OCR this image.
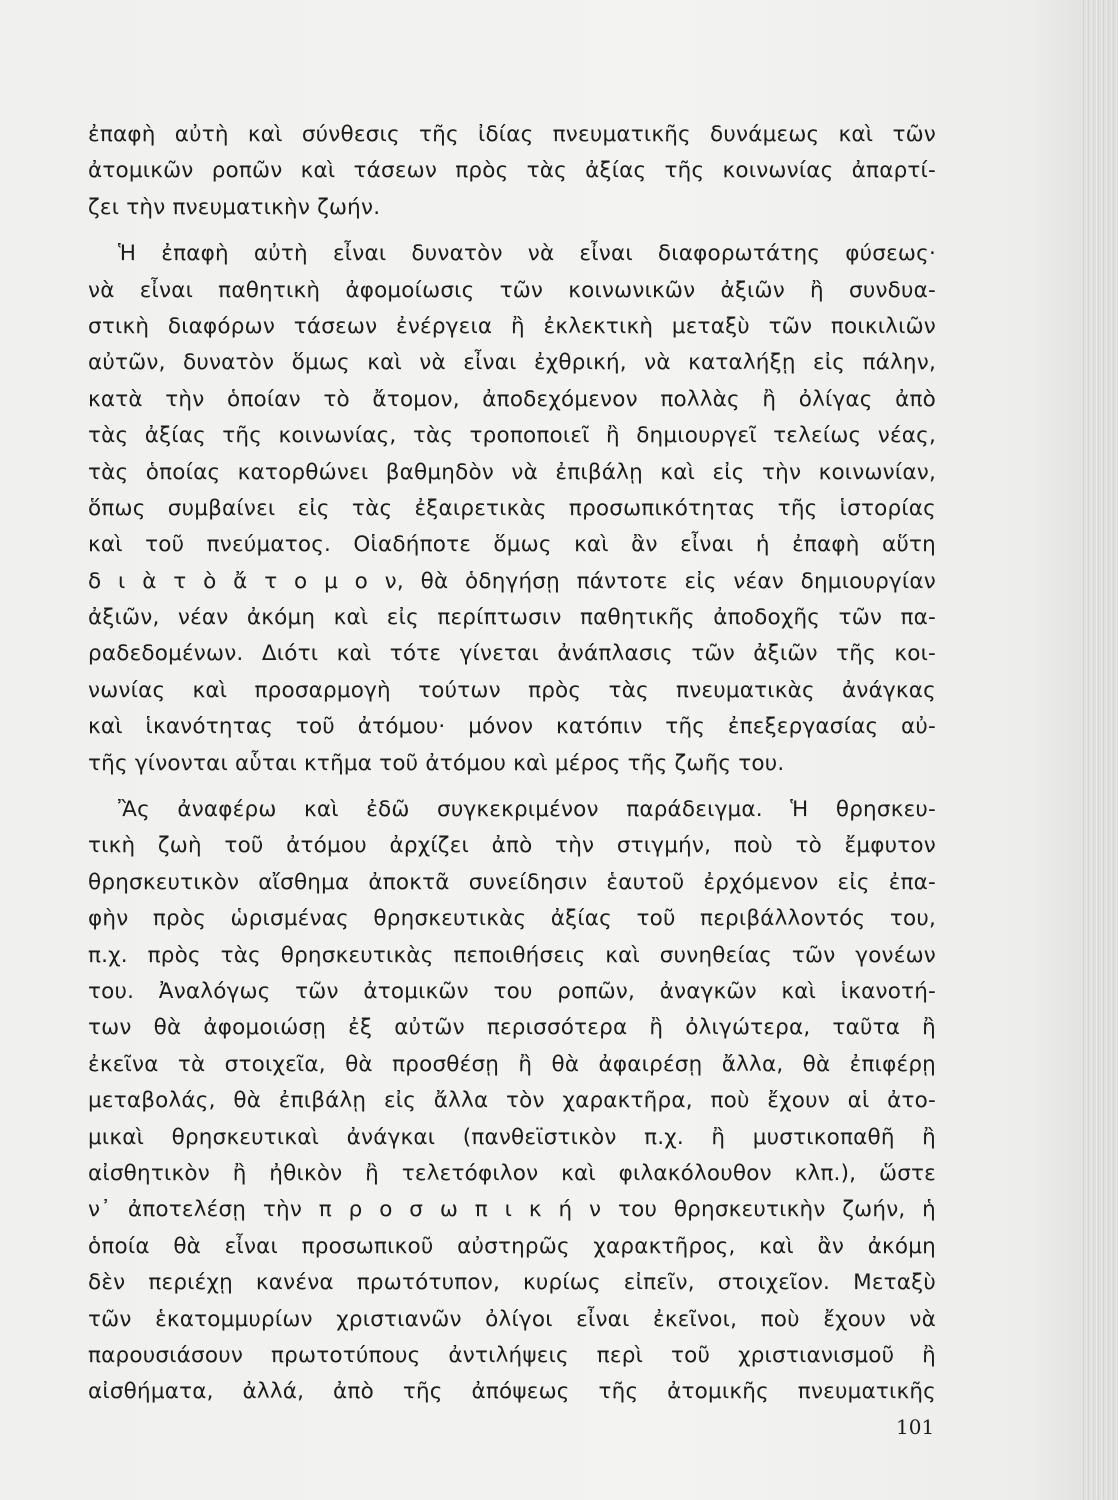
ἐπαφὴ αὐτὴ καὶ σύνθεσις τῆς ἰδίας πνευματικῆς δυνάμεως καὶ τῶν
ἀτομικῶν ροπῶν καὶ τάσεων πρὸς τὰς ἀξίας τῆς κοινωνίας ἀπαρτί-
ζει τὴν πνευματικὴν ζωήν.
Ἡ ἐπαφὴ αὐτὴ εἶναι δυνατὸν νὰ εἶναι διαφορωτάτης φύσεως·
νὰ εἶναι παθητικὴ ἀφομοίωσις τῶν κοινωνικῶν ἀξιῶν ἢ συνδυα-
στικὴ διαφόρων τάσεων ἐνέργεια ἢ ἐκλεκτικὴ μεταξὺ τῶν ποικιλιῶν
αὐτῶν, δυνατὸν ὅμως καὶ νὰ εἶναι ἐχθρική, νὰ καταλήξῃ εἰς πάλην,
κατὰ τὴν ὁποίαν τὸ ἄτομον, ἀποδεχόμενον πολλὰς ἢ ὀλίγας ἀπὸ
τὰς ἀξίας τῆς κοινωνίας, τὰς τροποποιεῖ ἢ δημιουργεῖ τελείως νέας,
τὰς ὁποίας κατορθώνει βαθμηδὸν νὰ ἐπιβάλῃ καὶ εἰς τὴν κοινωνίαν,
ὅπως συμβαίνει εἰς τὰς ἐξαιρετικὰς προσωπικότητας τῆς ἱστορίας
καὶ τοῦ πνεύματος. Οἱαδήποτε ὅμως καὶ ἂν εἶναι ἡ ἐπαφὴ αὕτη
δ ι ὰ τ ὸ ἄ τ ο μ ο ν, θὰ ὁδηγήσῃ πάντοτε εἰς νέαν δημιουργίαν
ἀξιῶν, νέαν ἀκόμη καὶ εἰς περίπτωσιν παθητικῆς ἀποδοχῆς τῶν πα-
ραδεδομένων. Διότι καὶ τότε γίνεται ἀνάπλασις τῶν ἀξιῶν τῆς κοι-
νωνίας καὶ προσαρμογὴ τούτων πρὸς τὰς πνευματικὰς ἀνάγκας
καὶ ἱκανότητας τοῦ ἀτόμου· μόνον κατόπιν τῆς ἐπεξεργασίας αὐ-
τῆς γίνονται αὗται κτῆμα τοῦ ἀτόμου καὶ μέρος τῆς ζωῆς του.
Ἂς ἀναφέρω καὶ ἐδῶ συγκεκριμένον παράδειγμα. Ἡ θρησκευ-
τικὴ ζωὴ τοῦ ἀτόμου ἀρχίζει ἀπὸ τὴν στιγμήν, ποὺ τὸ ἔμφυτον
θρησκευτικὸν αἴσθημα ἀποκτᾶ συνείδησιν ἑαυτοῦ ἐρχόμενον εἰς ἐπα-
φὴν πρὸς ὡρισμένας θρησκευτικὰς ἀξίας τοῦ περιβάλλοντός του,
π.χ. πρὸς τὰς θρησκευτικὰς πεποιθήσεις καὶ συνηθείας τῶν γονέων
του. Ἀναλόγως τῶν ἀτομικῶν του ροπῶν, ἀναγκῶν καὶ ἱκανοτή-
των θὰ ἀφομοιώσῃ ἐξ αὐτῶν περισσότερα ἢ ὀλιγώτερα, ταῦτα ἢ
ἐκεῖνα τὰ στοιχεῖα, θὰ προσθέσῃ ἢ θὰ ἀφαιρέσῃ ἄλλα, θὰ ἐπιφέρῃ
μεταβολάς, θὰ ἐπιβάλῃ εἰς ἄλλα τὸν χαρακτῆρα, ποὺ ἔχουν αἱ ἀτο-
μικαὶ θρησκευτικαὶ ἀνάγκαι (πανθεϊστικὸν π.χ. ἢ μυστικοπαθῆ ἢ
αἰσθητικὸν ἢ ἠθικὸν ἢ τελετόφιλον καὶ φιλακόλουθον κλπ.), ὥστε
ν᾽ ἀποτελέσῃ τὴν π ρ ο σ ω π ι κ ή ν του θρησκευτικὴν ζωήν, ἡ
ὁποία θὰ εἶναι προσωπικοῦ αὐστηρῶς χαρακτῆρος, καὶ ἂν ἀκόμη
δὲν περιέχῃ κανένα πρωτότυπον, κυρίως εἰπεῖν, στοιχεῖον. Μεταξὺ
τῶν ἑκατομμυρίων χριστιανῶν ὀλίγοι εἶναι ἐκεῖνοι, ποὺ ἔχουν νὰ
παρουσιάσουν πρωτοτύπους ἀντιλήψεις περὶ τοῦ χριστιανισμοῦ ἢ
αἰσθήματα, ἀλλά, ἀπὸ τῆς ἀπόψεως τῆς ἀτομικῆς πνευματικῆς
101
